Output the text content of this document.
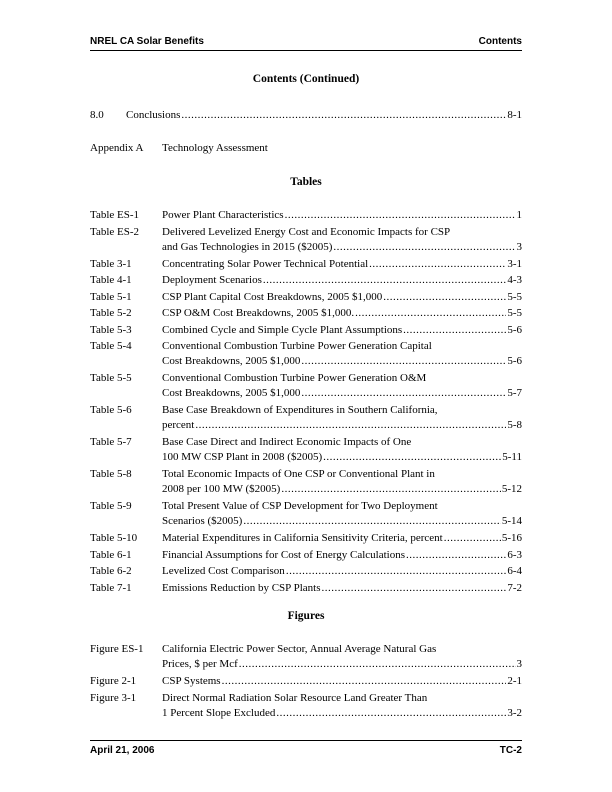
NREL CA Solar Benefits	Contents
Contents (Continued)
8.0 Conclusions .....	8-1
Appendix A Technology Assessment
Tables
Table ES-1 Power Plant Characteristics .....	1
Table ES-2 Delivered Levelized Energy Cost and Economic Impacts for CSP
and Gas Technologies in 2015 ($2005) .....	3
Table 3-1	Concentrating Solar Power Technical Potential .....	3-1
Table 4-1	Deployment Scenarios .....	4-3
Table 5-1	CSP Plant Capital Cost Breakdowns, 2005 $1,000 .....	5-5
Table 5-2	CSP O&M Cost Breakdowns, 2005 $1,000. .....	5-5
Table 5-3	Combined Cycle and Simple Cycle Plant Assumptions .....	5-6
Table 5-4	Conventional Combustion Turbine Power Generation Capital
Cost Breakdowns, 2005 $1,000 .....	5-6
Table 5-5	Conventional Combustion Turbine Power Generation O&M
Cost Breakdowns, 2005 $1,000 .....	5-7
Table 5-6	Base Case Breakdown of Expenditures in Southern California,
percent .....	5-8
Table 5-7	Base Case Direct and Indirect Economic Impacts of One
100 MW CSP Plant in 2008 ($2005) .....	5-11
Table 5-8	Total Economic Impacts of One CSP or Conventional Plant in
2008 per 100 MW ($2005) .....	5-12
Table 5-9	Total Present Value of CSP Development for Two Deployment
Scenarios ($2005) .....	5-14
Table 5-10 Material Expenditures in California Sensitivity Criteria, percent .....	5-16
Table 6-1	Financial Assumptions for Cost of Energy Calculations .....	6-3
Table 6-2	Levelized Cost Comparison .....	6-4
Table 7-1	Emissions Reduction by CSP Plants .....	7-2
Figures
Figure ES-1 California Electric Power Sector, Annual Average Natural Gas
Prices, $ per Mcf .....	3
Figure 2-1 CSP Systems .....	2-1
Figure 3-1 Direct Normal Radiation Solar Resource Land Greater Than
1 Percent Slope Excluded .....	3-2
April 21, 2006	TC-2
